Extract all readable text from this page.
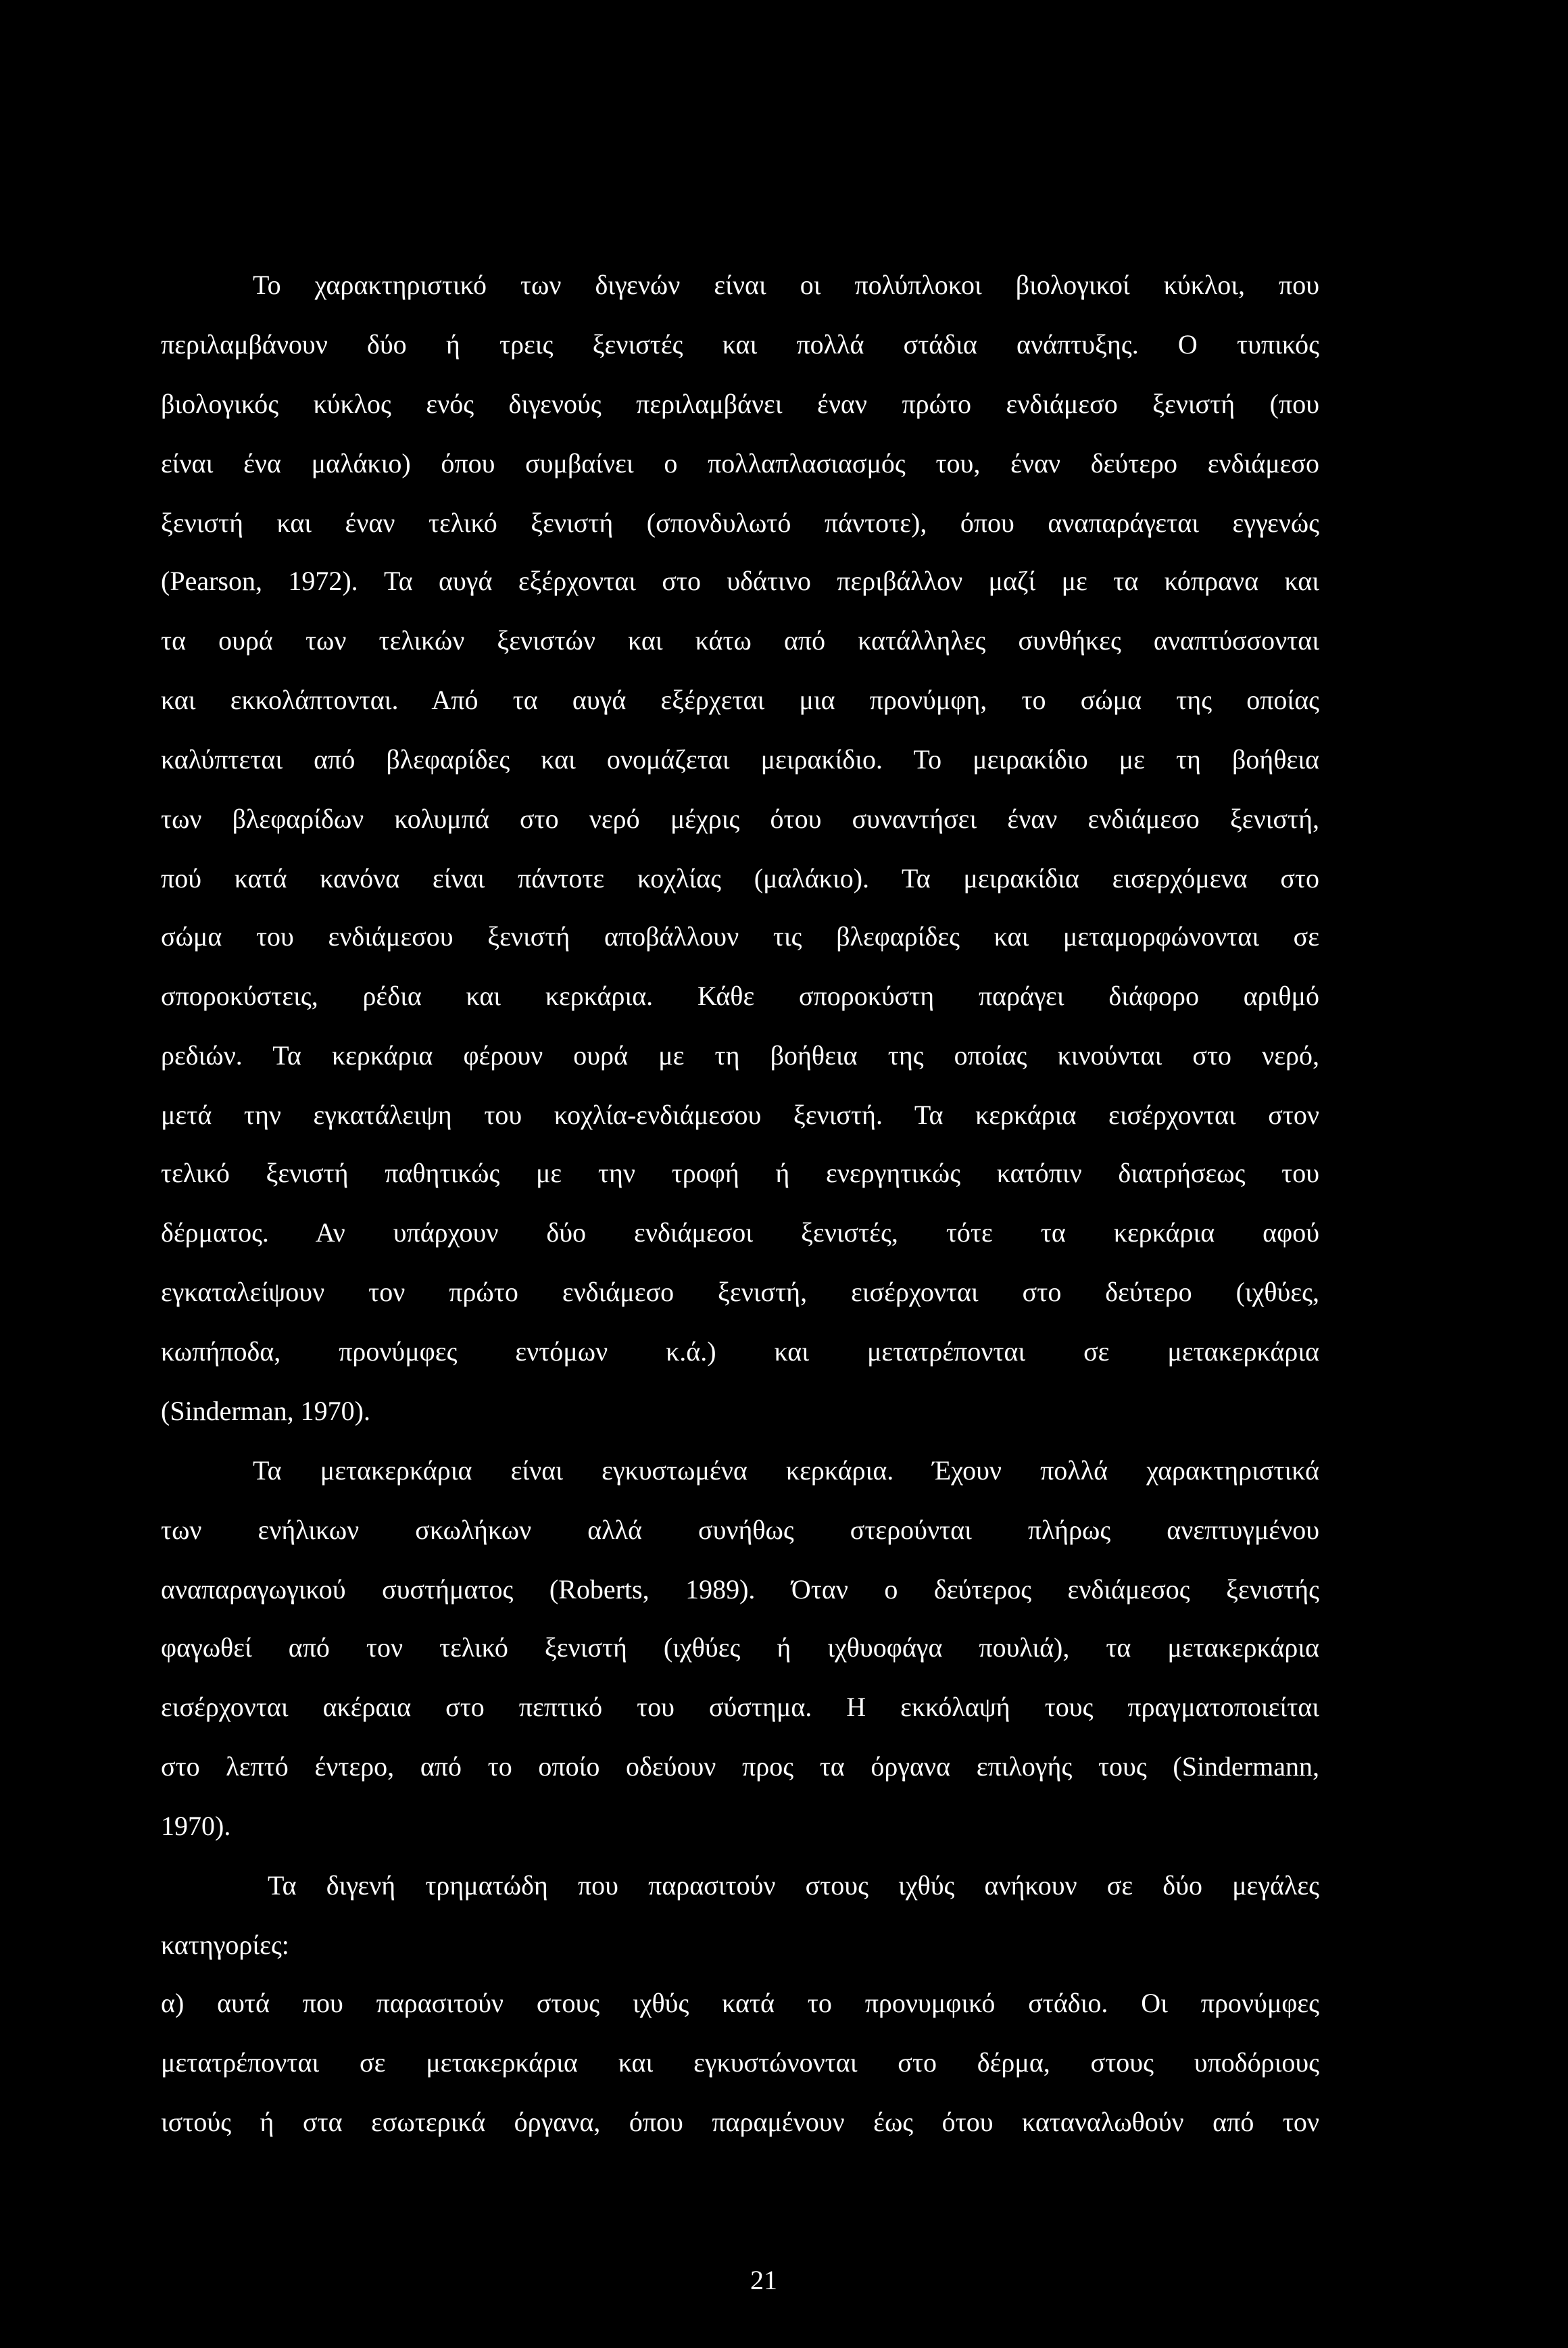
Το χαρακτηριστικό των διγενών είναι οι πολύπλοκοι βιολογικοί κύκλοι, που
περιλαμβάνουν δύο ή τρεις ξενιστές και πολλά στάδια ανάπτυξης. Ο τυπικός
βιολογικός κύκλος ενός διγενούς περιλαμβάνει έναν πρώτο ενδιάμεσο ξενιστή (που
είναι ένα μαλάκιο) όπου συμβαίνει ο πολλαπλασιασμός του, έναν δεύτερο ενδιάμεσο
ξενιστή και έναν τελικό ξενιστή (σπονδυλωτό πάντοτε), όπου αναπαράγεται εγγενώς
(Pearson, 1972). Τα αυγά εξέρχονται στο υδάτινο περιβάλλον μαζί με τα κόπρανα και
τα ουρά των τελικών ξενιστών και κάτω από κατάλληλες συνθήκες αναπτύσσονται
και εκκολάπτονται. Από τα αυγά εξέρχεται μια προνύμφη, το σώμα της οποίας
καλύπτεται από βλεφαρίδες και ονομάζεται μειρακίδιο. Το μειρακίδιο με τη βοήθεια
των βλεφαρίδων κολυμπά στο νερό μέχρις ότου συναντήσει έναν ενδιάμεσο ξενιστή,
πού κατά κανόνα είναι πάντοτε κοχλίας (μαλάκιο). Τα μειρακίδια εισερχόμενα στο
σώμα του ενδιάμεσου ξενιστή αποβάλλουν τις βλεφαρίδες και μεταμορφώνονται σε
σποροκύστεις, ρέδια και κερκάρια. Κάθε σποροκύστη παράγει διάφορο αριθμό
ρεδιών. Τα κερκάρια φέρουν ουρά με τη βοήθεια της οποίας κινούνται στο νερό,
μετά την εγκατάλειψη του κοχλία-ενδιάμεσου ξενιστή. Τα κερκάρια εισέρχονται στον
τελικό ξενιστή παθητικώς με την τροφή ή ενεργητικώς κατόπιν διατρήσεως του
δέρματος. Αν υπάρχουν δύο ενδιάμεσοι ξενιστές, τότε τα κερκάρια αφού
εγκαταλείψουν τον πρώτο ενδιάμεσο ξενιστή, εισέρχονται στο δεύτερο (ιχθύες,
κωπήποδα, προνύμφες εντόμων κ.ά.) και μετατρέπονται σε μετακερκάρια
(Sinderman, 1970).
Τα μετακερκάρια είναι εγκυστωμένα κερκάρια. Έχουν πολλά χαρακτηριστικά
των ενήλικων σκωλήκων αλλά συνήθως στερούνται πλήρως ανεπτυγμένου
αναπαραγωγικού συστήματος (Roberts, 1989). Όταν ο δεύτερος ενδιάμεσος ξενιστής
φαγωθεί από τον τελικό ξενιστή (ιχθύες ή ιχθυοφάγα πουλιά), τα μετακερκάρια
εισέρχονται ακέραια στο πεπτικό του σύστημα. Η εκκόλαψή τους πραγματοποιείται
στο λεπτό έντερο, από το οποίο οδεύουν προς τα όργανα επιλογής τους (Sindermann,
1970).
Τα διγενή τρηματώδη που παρασιτούν στους ιχθύς ανήκουν σε δύο μεγάλες
κατηγορίες:
α) αυτά που παρασιτούν στους ιχθύς κατά το προνυμφικό στάδιο. Οι προνύμφες
μετατρέπονται σε μετακερκάρια και εγκυστώνονται στο δέρμα, στους υποδόριους
ιστούς ή στα εσωτερικά όργανα, όπου παραμένουν έως ότου καταναλωθούν από τον
21
